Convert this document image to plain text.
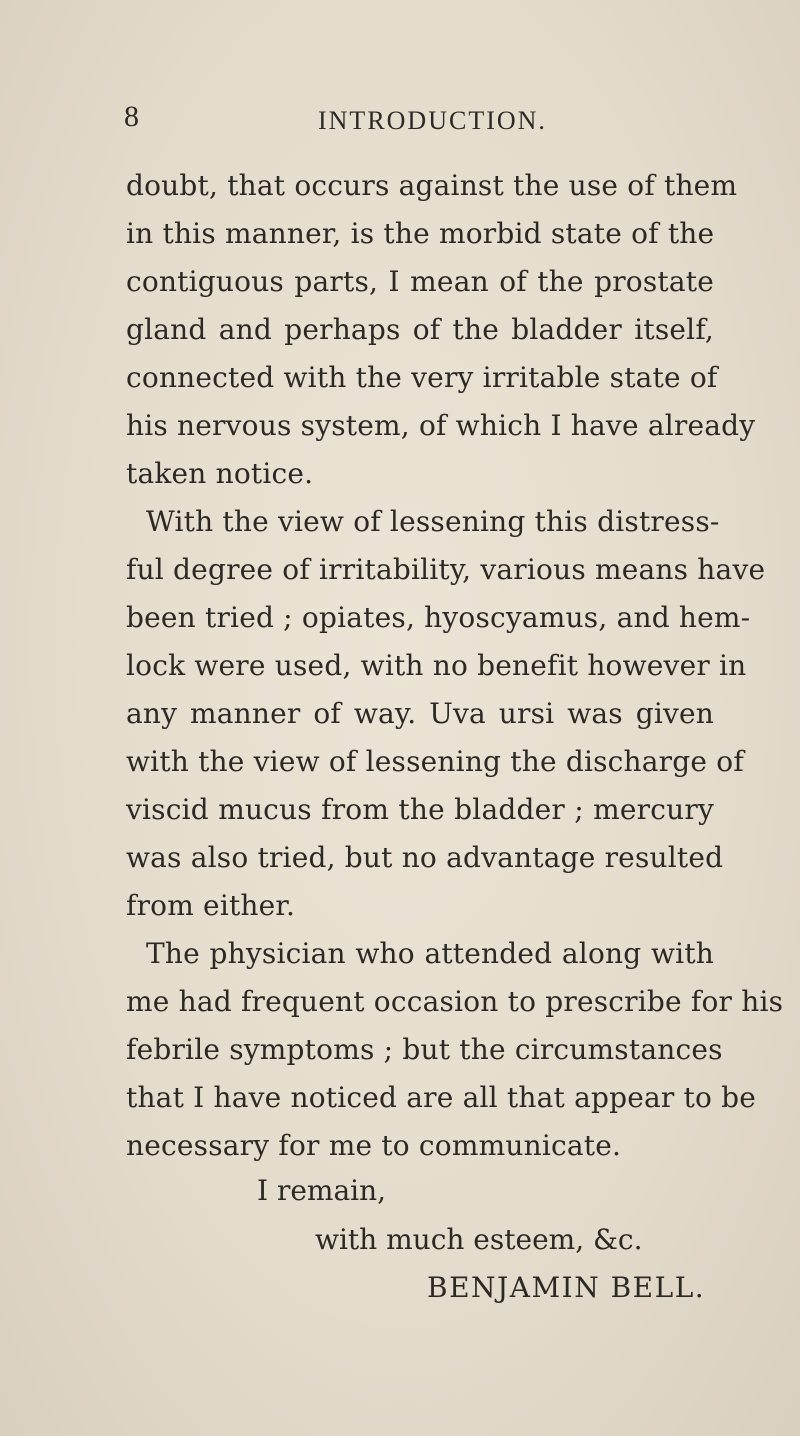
8	INTRODUCTION.
doubt, that occurs against the use of them
in this manner, is the morbid state of the
contiguous parts, I mean of the prostate
gland and perhaps of the bladder itself,
connected with the very irritable state of
his nervous system, of which I have already
taken notice.
With the view of lessening this distress-
ful degree of irritability, various means have
been tried ; opiates, hyoscyamus, and hem-
lock were used, with no benefit however in
any manner of way. Uva ursi was given
with the view of lessening the discharge of
viscid mucus from the bladder ; mercury
was also tried, but no advantage resulted
from either.
The physician who attended along with
me had frequent occasion to prescribe for his
febrile symptoms ; but the circumstances
that I have noticed are all that appear to be
necessary for me to communicate.
I remain,
with much esteem, &c.
BENJAMIN BELL.
